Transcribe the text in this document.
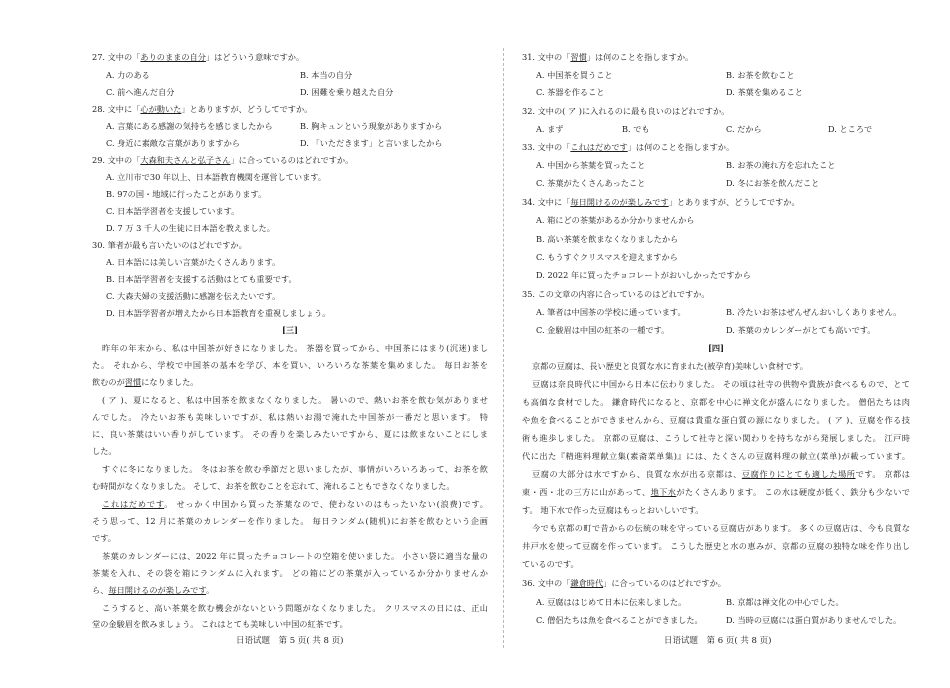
27. 文中の「ありのままの自分」はどういう意味ですか。
A. 力のある	B. 本当の自分
C. 前へ進んだ自分	D. 困難を乗り越えた自分
28. 文中に「心が動いた」とありますが、どうしてですか。
A. 言葉にある感謝の気持ちを感じましたから	B. 胸キュンという現象がありますから
C. 身近に素敵な言葉がありますから	D. 「いただきます」と言いましたから
29. 文中の「大森和夫さんと弘子さん」に合っているのはどれですか。
A. 立川市で30 年以上、日本語教育機関を運営しています。
B. 97の国・地域に行ったことがあります。
C. 日本語学習者を支援しています。
D. 7 万 3 千人の生徒に日本語を教えました。
30. 筆者が最も言いたいのはどれですか。
A. 日本語には美しい言葉がたくさんあります。
B. 日本語学習者を支援する活動はとても重要です。
C. 大森夫婦の支援活動に感謝を伝えたいです。
D. 日本語学習者が増えたから日本語教育を重視しましょう。
[三]
昨年の年末から、私は中国茶が好きになりました。 茶器を買ってから、中国茶にはまり(沉迷)まし
た。 それから、学校で中国茶の基本を学び、本を買い、いろいろな茶葉を集めました。 毎日お茶を
飲むのが習慣になりました。
( ア )、夏になると、私は中国茶を飲まなくなりました。 暑いので、熱いお茶を飲む気がありませ
んでした。 冷たいお茶も美味しいですが、私は熱いお湯で淹れた中国茶が一番だと思います。 特
に、良い茶葉はいい香りがしています。 その香りを楽しみたいですから、夏には飲まないことにしま
した。
すぐに冬になりました。 冬はお茶を飲む季節だと思いましたが、事情がいろいろあって、お茶を飲
む時間がなくなりました。 そして、お茶を飲むことを忘れて、淹れることもできなくなりました。
これはだめです。 せっかく中国から買った茶葉なので、使わないのはもったいない(浪费)です。
そう思って、12 月に茶葉のカレンダーを作りました。 毎日ランダム(随机)にお茶を飲むという企画
です。
茶葉のカレンダーには、2022 年に買ったチョコレートの空箱を使いました。 小さい袋に適当な量の
茶葉を入れ、その袋を箱にランダムに入れます。 どの箱にどの茶葉が入っているか分かりませんか
ら、毎日開けるのが楽しみです。
こうすると、高い茶葉を飲む機会がないという問題がなくなりました。 クリスマスの日には、正山
堂の金駿眉を飲みましょう。 これはとても美味しい中国の紅茶です。
31. 文中の「習慣」は何のことを指しますか。
A. 中国茶を買うこと	B. お茶を飲むこと
C. 茶器を作ること	D. 茶葉を集めること
32. 文中の( ア )に入れるのに最も良いのはどれですか。
A. まず	B. でも	C. だから	D. ところで
33. 文中の「これはだめです」は何のことを指しますか。
A. 中国から茶葉を買ったこと	B. お茶の淹れ方を忘れたこと
C. 茶葉がたくさんあったこと	D. 冬にお茶を飲んだこと
34. 文中に「毎日開けるのが楽しみです」とありますが、どうしてですか。
A. 箱にどの茶葉があるか分かりませんから
B. 高い茶葉を飲まなくなりましたから
C. もうすぐクリスマスを迎えますから
D. 2022 年に買ったチョコレートがおいしかったですから
35. この文章の内容に合っているのはどれですか。
A. 筆者は中国茶の学校に通っています。	B. 冷たいお茶はぜんぜんおいしくありません。
C. 金駿眉は中国の紅茶の一種です。	D. 茶葉のカレンダーがとても高いです。
[四]
京都の豆腐は、長い歴史と良質な水に育まれた(被孕育)美味しい食材です。
豆腐は奈良時代に中国から日本に伝わりました。 その頃は社寺の供物や貴族が食べるもので、とて
も高価な食材でした。 鎌倉時代になると、京都を中心に禅文化が盛んになりました。 僧侶たちは肉
や魚を食べることができませんから、豆腐は貴重な蛋白質の源になりました。 ( ア )、豆腐を作る技
術も進歩しました。 京都の豆腐は、こうして社寺と深い関わりを持ちながら発展しました。 江戸時
代に出た『精進料理献立集(素斋菜单集)』には、たくさんの豆腐料理の献立(菜单)が載っています。
豆腐の大部分は水ですから、良質な水が出る京都は、豆腐作りにとても適した場所です。 京都は
東・西・北の三方に山があって、地下水がたくさんあります。 この水は硬度が低く、鉄分も少ないで
す。 地下水で作った豆腐はもっとおいしいです。
今でも京都の町で昔からの伝統の味を守っている豆腐店があります。 多くの豆腐店は、今も良質な
井戸水を使って豆腐を作っています。 こうした歴史と水の恵みが、京都の豆腐の独特な味を作り出し
ているのです。
36. 文中の「鎌倉時代」に合っているのはどれですか。
A. 豆腐ははじめて日本に伝来しました。	B. 京都は禅文化の中心でした。
C. 僧侶たちは魚を食べることができました。	D. 当時の豆腐には蛋白質がありませんでした。
日语试题　第 5 页( 共 8 页)	日语试题　第 6 页( 共 8 页)
